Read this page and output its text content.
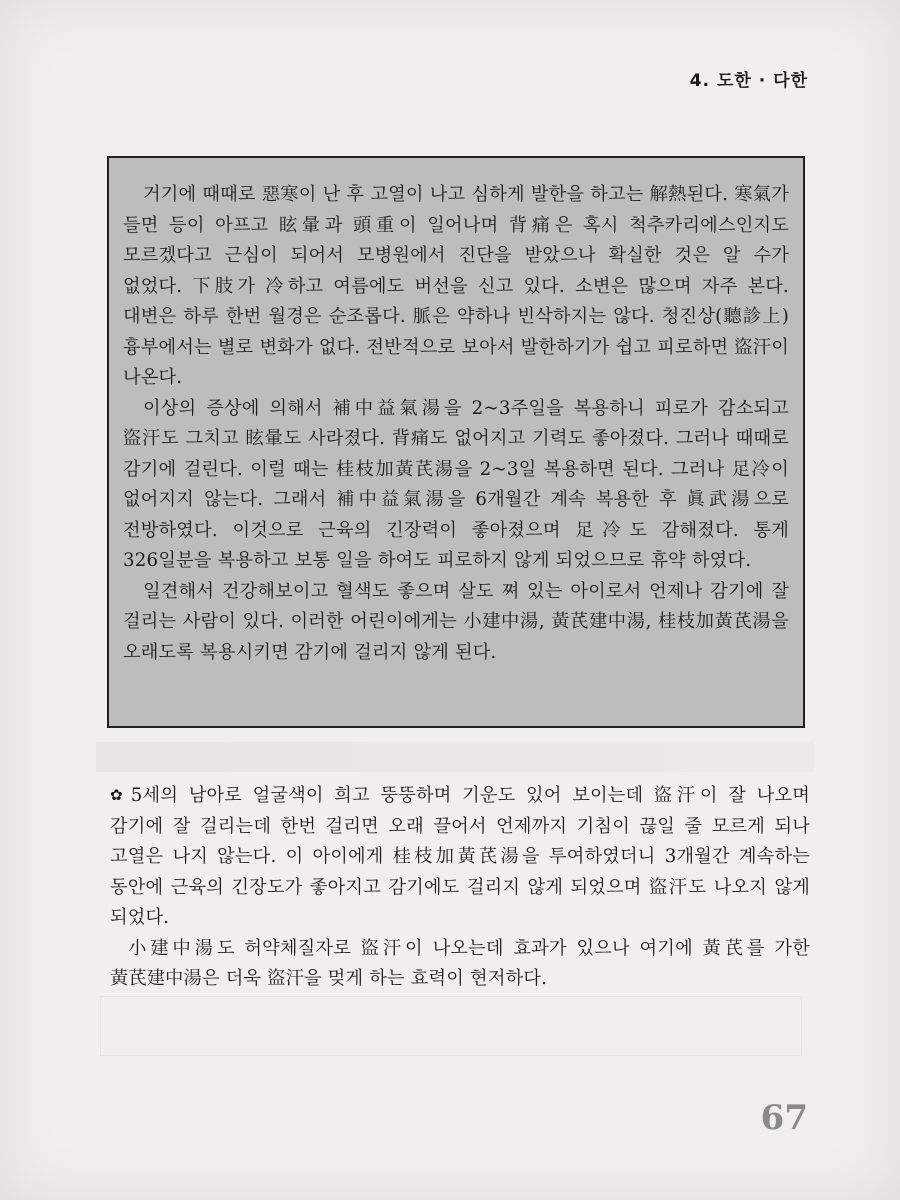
4. 도한 · 다한

거기에 때때로 惡寒이 난 후 고열이 나고 심하게 발한을 하고는 解熱된다. 寒氣가 들면 등이 아프고 眩暈과 頭重이 일어나며 背痛은 혹시 척추카리에스인지도 모르겠다고 근심이 되어서 모병원에서 진단을 받았으나 확실한 것은 알 수가 없었다. 下肢가 冷하고 여름에도 버선을 신고 있다. 소변은 많으며 자주 본다. 대변은 하루 한번 월경은 순조롭다. 脈은 약하나 빈삭하지는 않다. 청진상(聽診上) 흉부에서는 별로 변화가 없다. 전반적으로 보아서 발한하기가 쉽고 피로하면 盜汗이 나온다.

이상의 증상에 의해서 補中益氣湯을 2~3주일을 복용하니 피로가 감소되고 盜汗도 그치고 眩暈도 사라졌다. 背痛도 없어지고 기력도 좋아졌다. 그러나 때때로 감기에 걸린다. 이럴 때는 桂枝加黃芪湯을 2~3일 복용하면 된다. 그러나 足冷이 없어지지 않는다. 그래서 補中益氣湯을 6개월간 계속 복용한 후 眞武湯으로 전방하였다. 이것으로 근육의 긴장력이 좋아졌으며 足冷도 감해졌다. 통게 326일분을 복용하고 보통 일을 하여도 피로하지 않게 되었으므로 휴약 하였다.

일견해서 건강해보이고 혈색도 좋으며 살도 쪄 있는 아이로서 언제나 감기에 잘 걸리는 사람이 있다. 이러한 어린이에게는 小建中湯, 黃芪建中湯, 桂枝加黃芪湯을 오래도록 복용시키면 감기에 걸리지 않게 된다.

✿ 5세의 남아로 얼굴색이 희고 뚱뚱하며 기운도 있어 보이는데 盜汗이 잘 나오며 감기에 잘 걸리는데 한번 걸리면 오래 끌어서 언제까지 기침이 끊일 줄 모르게 되나 고열은 나지 않는다. 이 아이에게 桂枝加黃芪湯을 투여하였더니 3개월간 계속하는 동안에 근육의 긴장도가 좋아지고 감기에도 걸리지 않게 되었으며 盜汗도 나오지 않게 되었다.

小建中湯도 허약체질자로 盜汗이 나오는데 효과가 있으나 여기에 黃芪를 가한 黃芪建中湯은 더욱 盜汗을 멎게 하는 효력이 현저하다.

67
